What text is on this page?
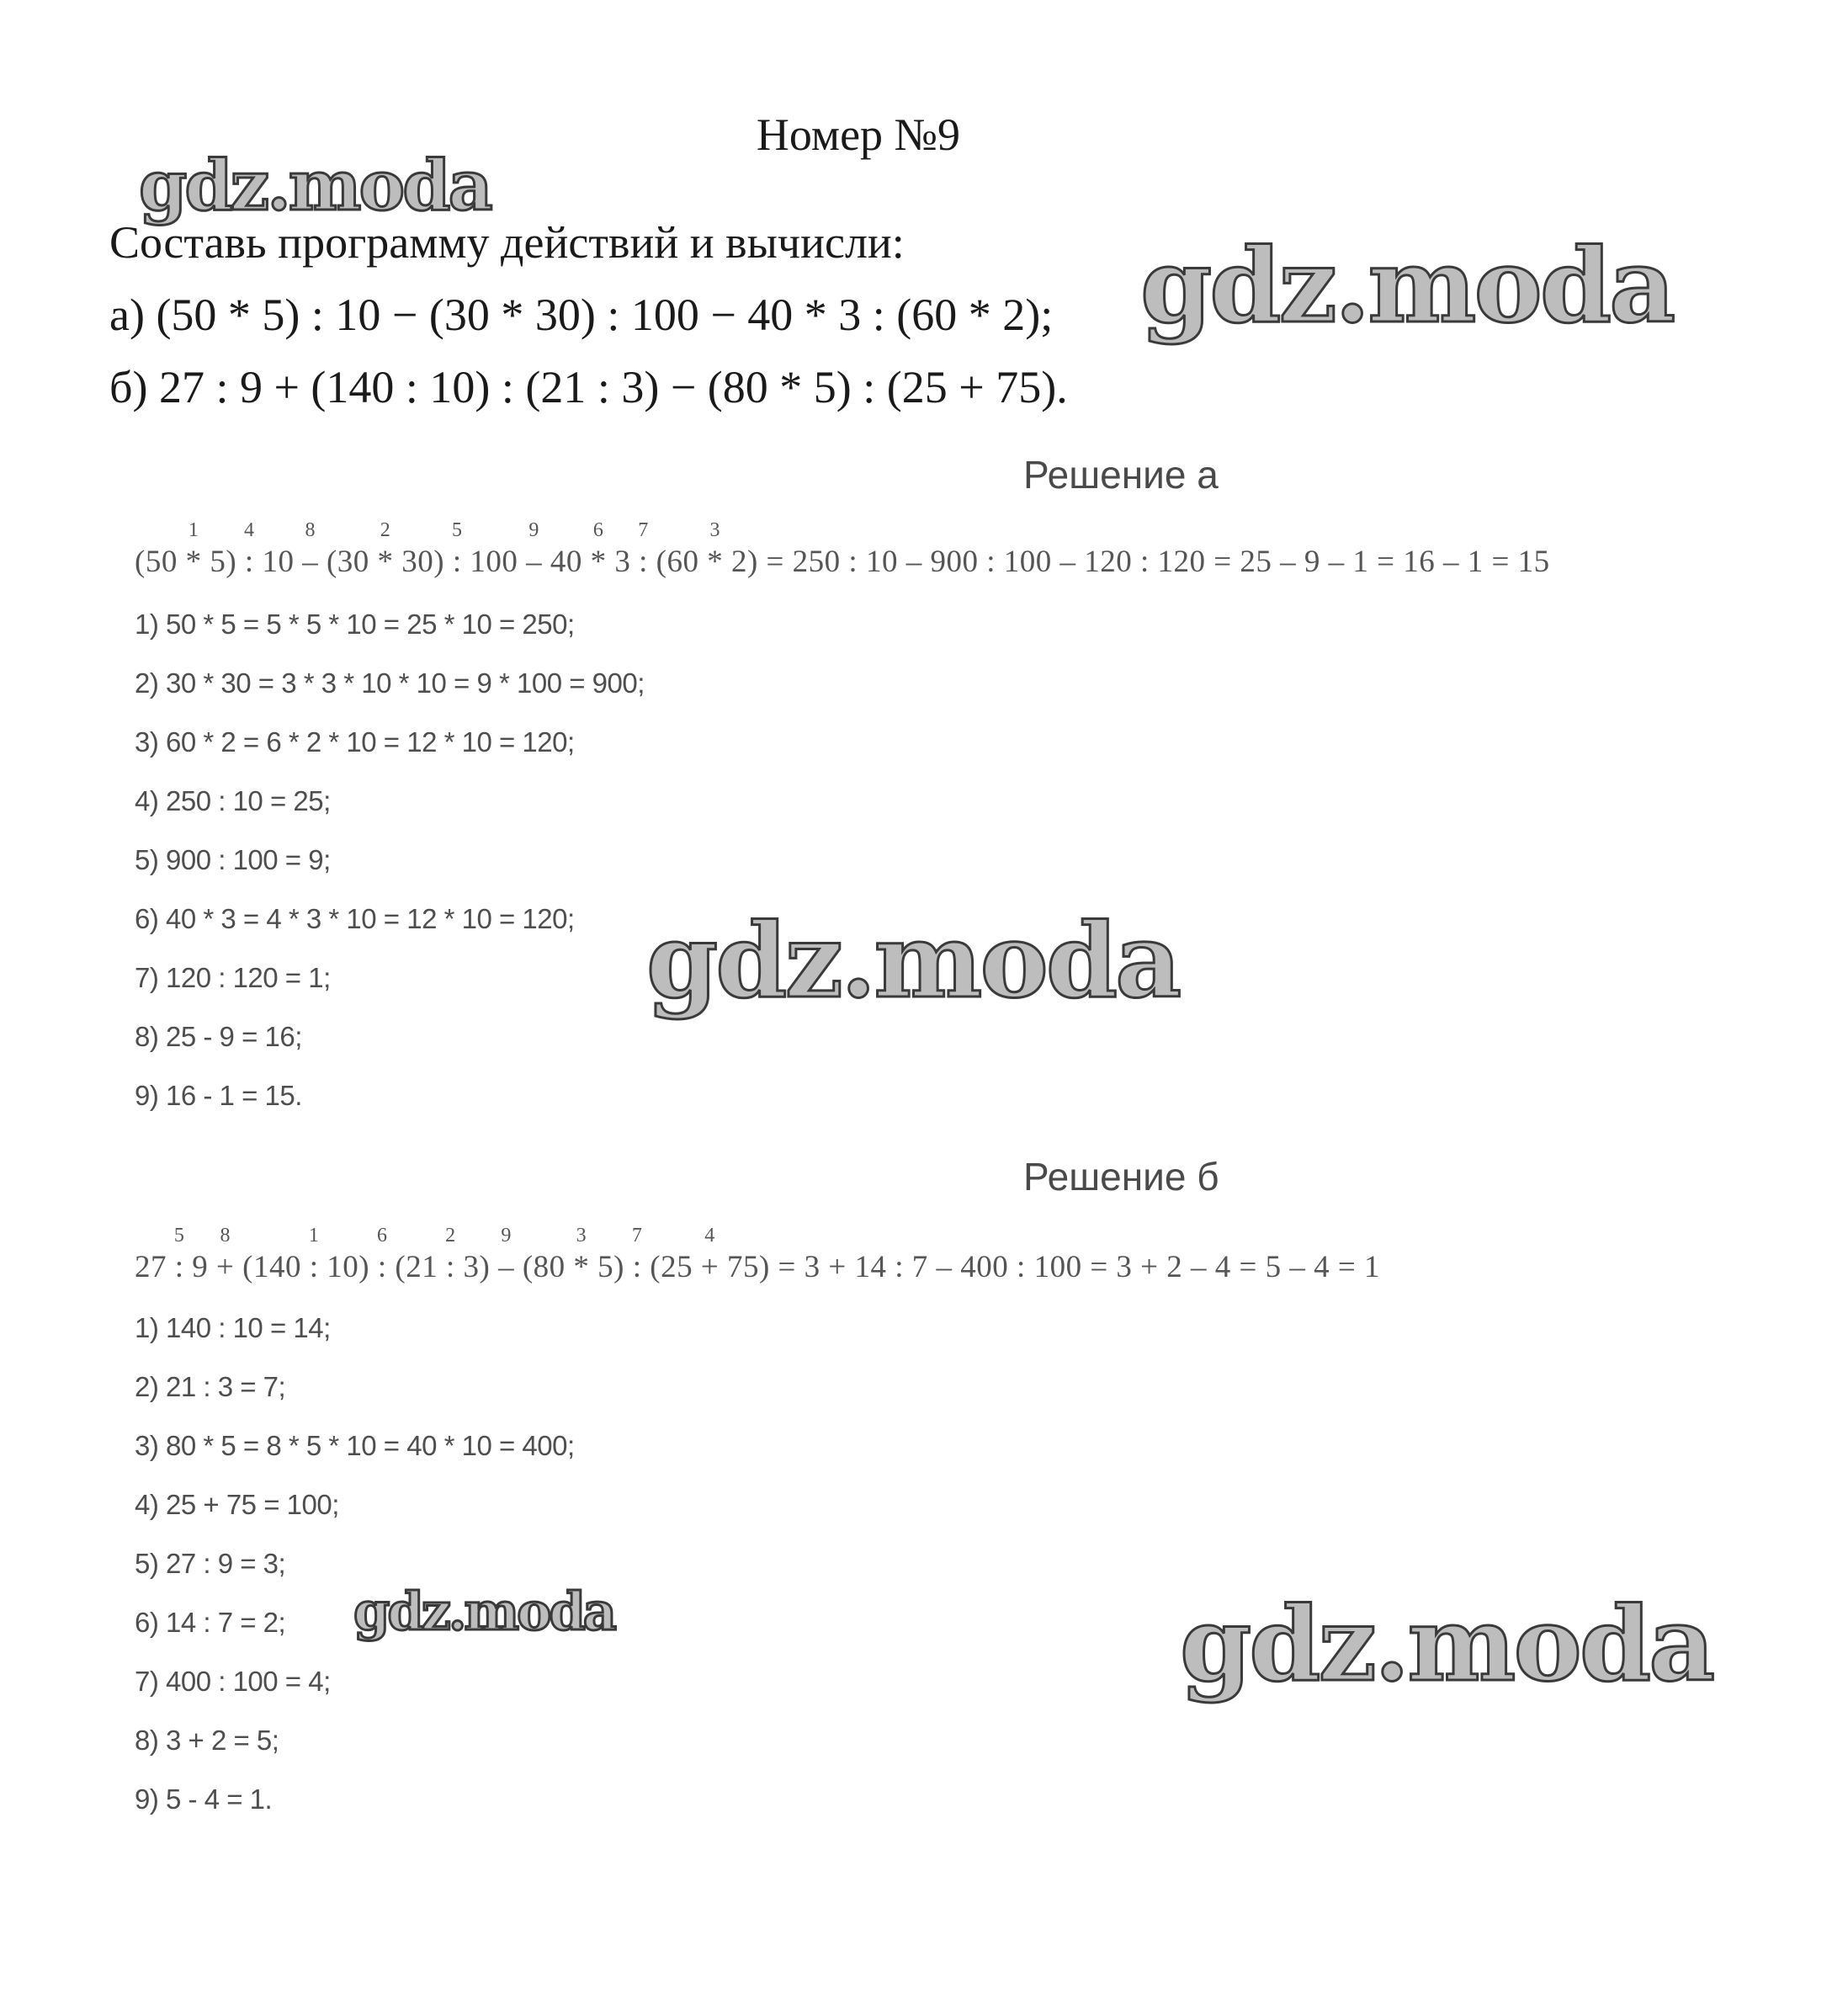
Номер №9
Составь программу действий и вычисли:
а) (50 * 5) : 10 − (30 * 30) : 100 − 40 * 3 : (60 * 2);
б) 27 : 9 + (140 : 10) : (21 : 3) − (80 * 5) : (25 + 75).
Решение а
(50 *
1
5) :
4
10 –
8
(30 *
2
30) :
5
100 –
9
40 *
6
3 :
7
(60 *
3
2) = 250 : 10 – 900 : 100 – 120 : 120 = 25 – 9 – 1 = 16 – 1 = 15
1) 50 * 5 = 5 * 5 * 10 = 25 * 10 = 250;
2) 30 * 30 = 3 * 3 * 10 * 10 = 9 * 100 = 900;
3) 60 * 2 = 6 * 2 * 10 = 12 * 10 = 120;
4) 250 : 10 = 25;
5) 900 : 100 = 9;
6) 40 * 3 = 4 * 3 * 10 = 12 * 10 = 120;
7) 120 : 120 = 1;
8) 25 - 9 = 16;
9) 16 - 1 = 15.
Решение б
27 :
5
9 +
8
(140 :
1
10) :
6
(21 :
2
3) –
9
(80 *
3
5) :
7
(25 +
4
75) = 3 + 14 : 7 – 400 : 100 = 3 + 2 – 4 = 5 – 4 = 1
1) 140 : 10 = 14;
2) 21 : 3 = 7;
3) 80 * 5 = 8 * 5 * 10 = 40 * 10 = 400;
4) 25 + 75 = 100;
5) 27 : 9 = 3;
6) 14 : 7 = 2;
7) 400 : 100 = 4;
8) 3 + 2 = 5;
9) 5 - 4 = 1.
gdz.moda
gdz.moda
gdz.moda
gdz.moda	gdz.moda
